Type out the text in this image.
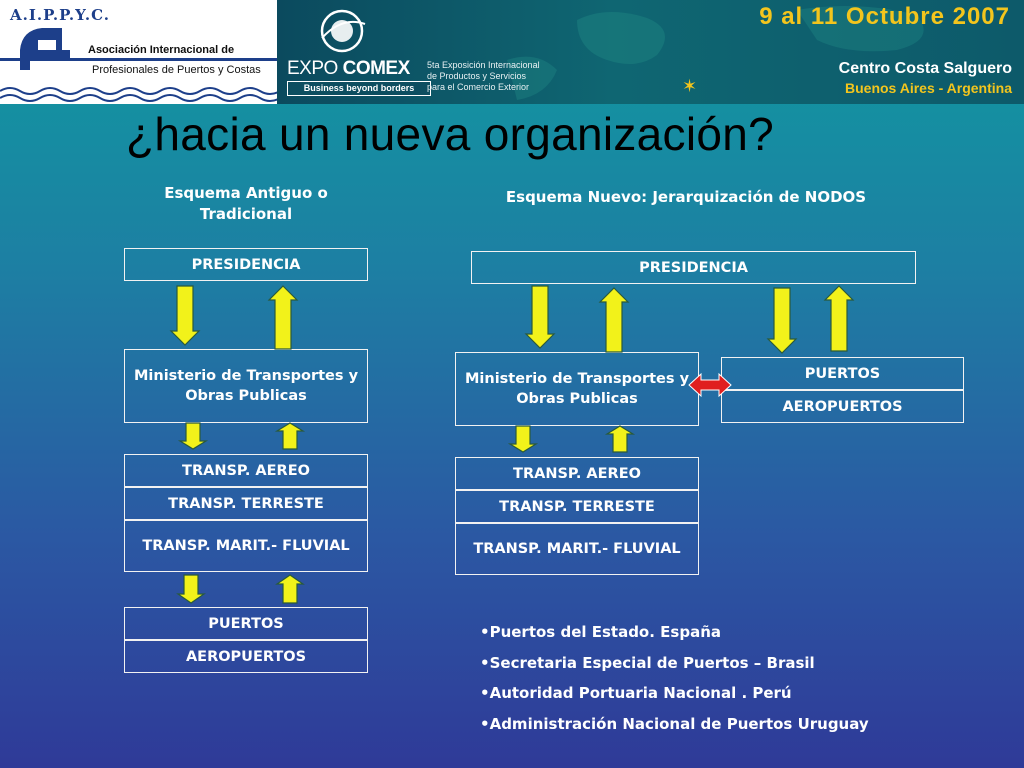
A.I.P.P.Y.C.
Asociación Internacional de
Profesionales de Puertos y Costas EXPO COMEX
Business beyond borders
5ta Exposición Internacional
de Productos y Servicios
para el Comercio Exterior	✶
9 al 11 Octubre 2007
Centro Costa Salguero
Buenos Aires - Argentina
¿hacia un nueva organización?
Esquema Antiguo o Tradicional
PRESIDENCIA
Ministerio de Transportes y Obras Publicas
TRANSP. AEREO
TRANSP. TERRESTE
TRANSP. MARIT.- FLUVIAL
PUERTOS
AEROPUERTOS
Esquema Nuevo: Jerarquización de NODOS
PRESIDENCIA
Ministerio de Transportes y Obras Publicas
PUERTOS
AEROPUERTOS
TRANSP. AEREO
TRANSP. TERRESTE
TRANSP. MARIT.- FLUVIAL
•Puertos del Estado. España
•Secretaria Especial de Puertos – Brasil
•Autoridad Portuaria Nacional . Perú
•Administración Nacional de Puertos Uruguay
